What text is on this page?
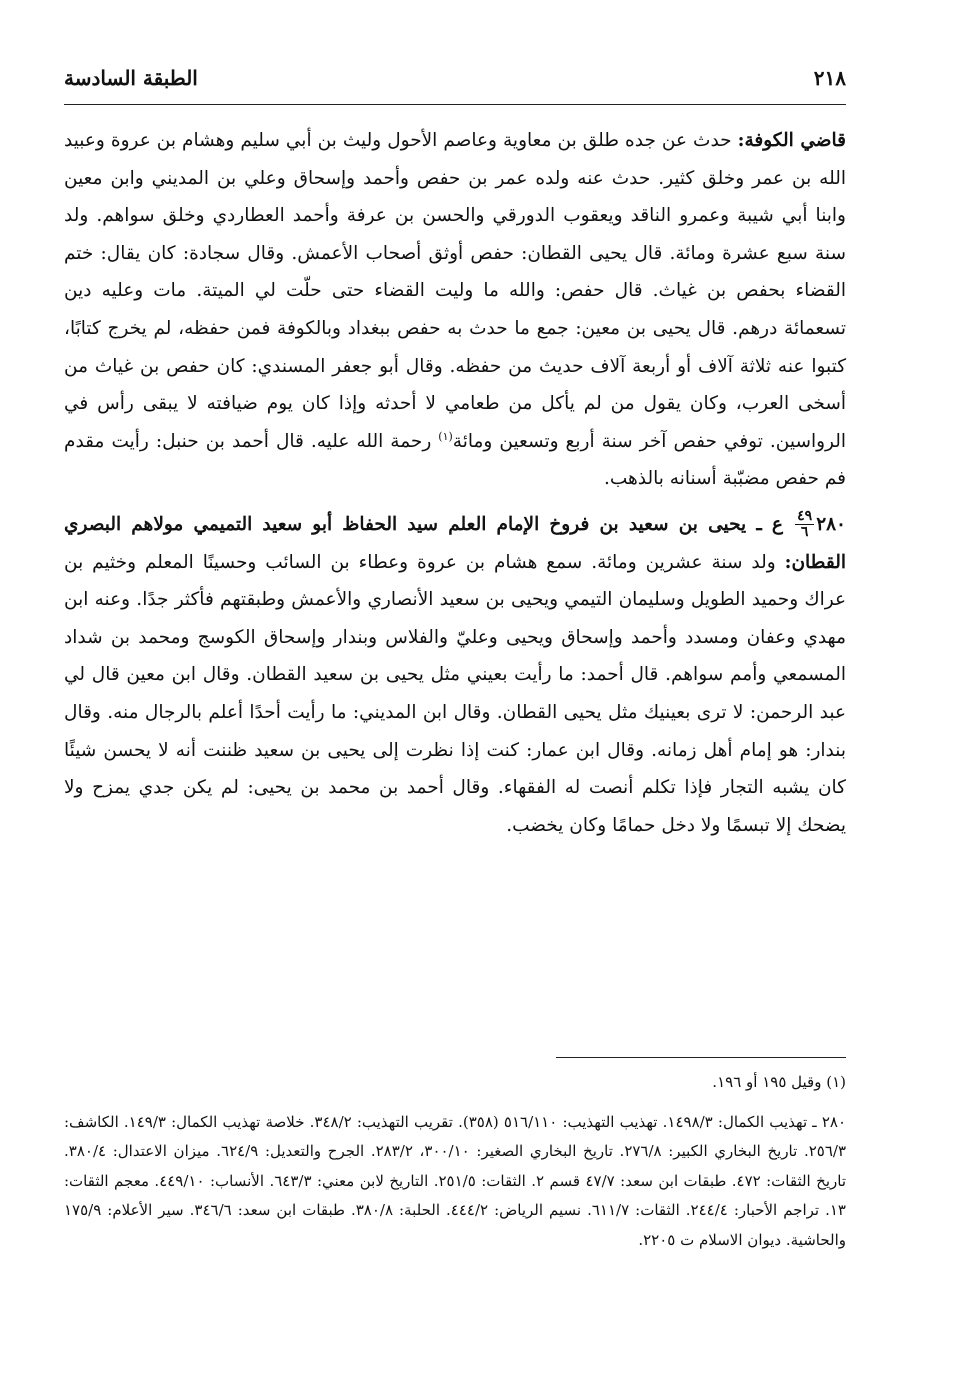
٢١٨
الطبقة السادسة

قاضي الكوفة: حدث عن جده طلق بن معاوية وعاصم الأحول وليث بن أبي سليم وهشام بن عروة وعبيد الله بن عمر وخلق كثير. حدث عنه ولده عمر بن حفص وأحمد وإسحاق وعلي بن المديني وابن معين وابنا أبي شيبة وعمرو الناقد ويعقوب الدورقي والحسن بن عرفة وأحمد العطاردي وخلق سواهم. ولد سنة سبع عشرة ومائة. قال يحيى القطان: حفص أوثق أصحاب الأعمش. وقال سجادة: كان يقال: ختم القضاء بحفص بن غياث. قال حفص: والله ما وليت القضاء حتى حلّت لي الميتة. مات وعليه دين تسعمائة درهم. قال يحيى بن معين: جمع ما حدث به حفص ببغداد وبالكوفة فمن حفظه، لم يخرج كتابًا، كتبوا عنه ثلاثة آلاف أو أربعة آلاف حديث من حفظه. وقال أبو جعفر المسندي: كان حفص بن غياث من أسخى العرب، وكان يقول من لم يأكل من طعامي لا أحدثه وإذا كان يوم ضيافته لا يبقى رأس في الرواسين. توفي حفص آخر سنة أربع وتسعين ومائة$^{(١)}$ رحمة الله عليه. قال أحمد بن حنبل: رأيت مقدم فم حفص مضبّبة أسنانه بالذهب.

٢٨٠
$\frac{٤٩}{٦}$
ع ـ يحيى بن سعيد بن فروخ الإمام العلم سيد الحفاظ أبو سعيد التميمي مولاهم البصري القطان: ولد سنة عشرين ومائة. سمع هشام بن عروة وعطاء بن السائب وحسينًا المعلم وخثيم بن عراك وحميد الطويل وسليمان التيمي ويحيى بن سعيد الأنصاري والأعمش وطبقتهم فأكثر جدًا. وعنه ابن مهدي وعفان ومسدد وأحمد وإسحاق ويحيى وعليّ والفلاس وبندار وإسحاق الكوسج ومحمد بن شداد المسمعي وأمم سواهم. قال أحمد: ما رأيت بعيني مثل يحيى بن سعيد القطان. وقال ابن معين قال لي عبد الرحمن: لا ترى بعينيك مثل يحيى القطان. وقال ابن المديني: ما رأيت أحدًا أعلم بالرجال منه. وقال بندار: هو إمام أهل زمانه. وقال ابن عمار: كنت إذا نظرت إلى يحيى بن سعيد ظننت أنه لا يحسن شيئًا كان يشبه التجار فإذا تكلم أنصت له الفقهاء. وقال أحمد بن محمد بن يحيى: لم يكن جدي يمزح ولا يضحك إلا تبسمًا ولا دخل حمامًا وكان يخضب.

(١) وقيل ١٩٥ أو ١٩٦.

٢٨٠ ـ تهذيب الكمال: ١٤٩٨/٣. تهذيب التهذيب: ٥١٦/١١٠ (٣٥٨). تقريب التهذيب: ٣٤٨/٢. خلاصة تهذيب الكمال: ١٤٩/٣. الكاشف: ٢٥٦/٣. تاريخ البخاري الكبير: ٢٧٦/٨. تاريخ البخاري الصغير: ٣٠٠/١٠، ٢٨٣/٢. الجرح والتعديل: ٦٢٤/٩. ميزان الاعتدال: ٣٨٠/٤. تاريخ الثقات: ٤٧٢. طبقات ابن سعد: ٤٧/٧ قسم ٢. الثقات: ٢٥١/٥. التاريخ لابن معني: ٦٤٣/٣. الأنساب: ٤٤٩/١٠. معجم الثقات: ١٣. تراجم الأحبار: ٢٤٤/٤. الثقات: ٦١١/٧. نسيم الرياض: ٤٤٤/٢. الحلبة: ٣٨٠/٨. طبقات ابن سعد: ٣٤٦/٦. سير الأعلام: ١٧٥/٩ والحاشية. ديوان الاسلام ت ٢٢٠٥.
